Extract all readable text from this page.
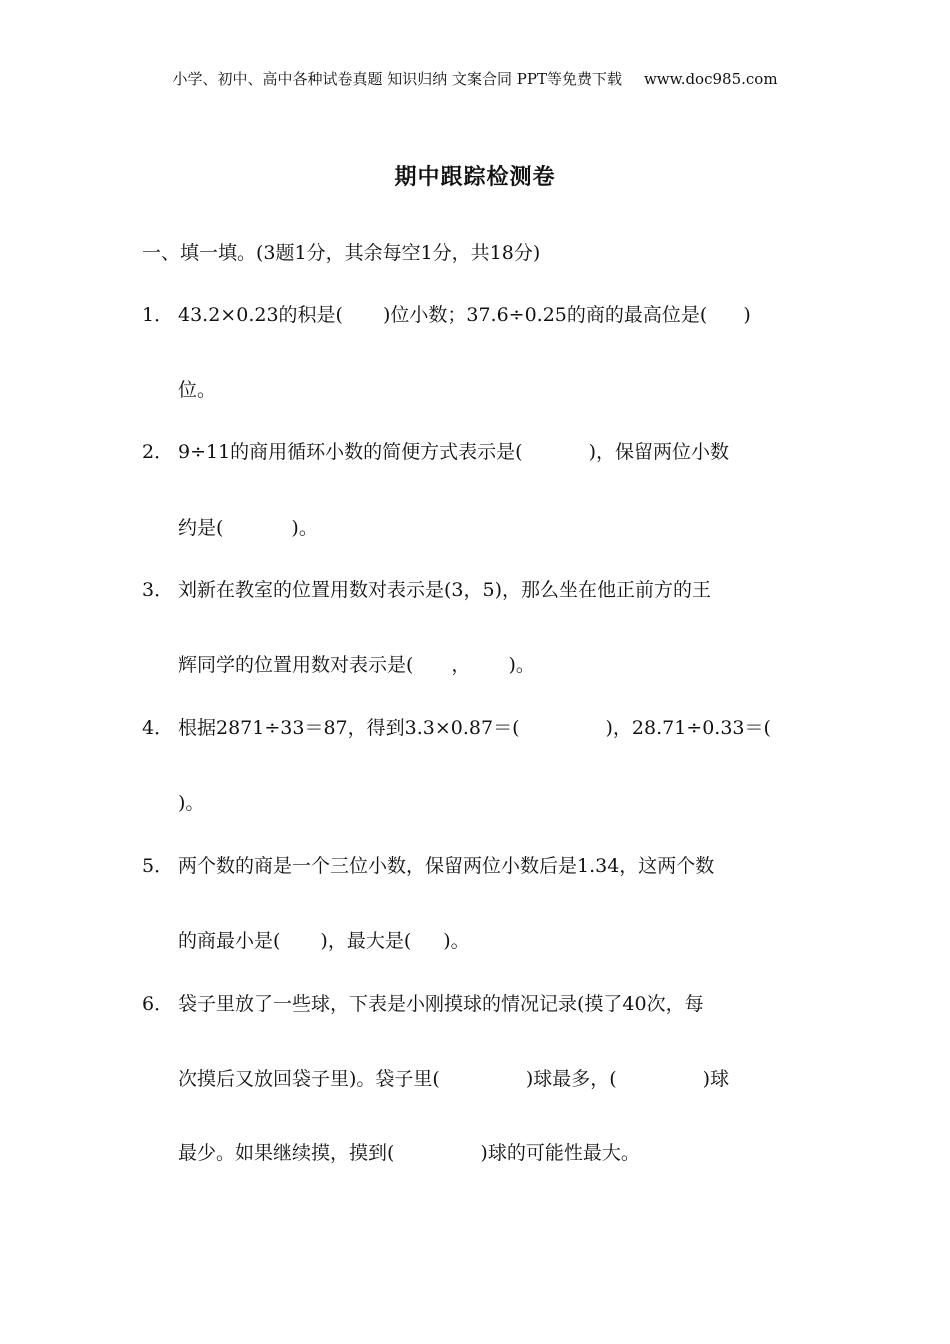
小学、初中、高中各种试卷真题 知识归纳 文案合同 PPT等免费下载 www.doc985.com
期中跟踪检测卷
一、填一填。(3题1分，其余每空1分，共18分)
1． 43.2×0.23的积是( )位小数；37.6÷0.25的商的最高位是( )
位。
2． 9÷11的商用循环小数的简便方式表示是(	)，保留两位小数
约是(	)。
3． 刘新在教室的位置用数对表示是(3，5)，那么坐在他正前方的王
辉同学的位置用数对表示是( ， )。
4． 根据2871÷33＝87，得到3.3×0.87＝(	)，28.71÷0.33＝(
)。
5． 两个数的商是一个三位小数，保留两位小数后是1.34，这两个数
的商最小是( )，最大是( )。
6． 袋子里放了一些球，下表是小刚摸球的情况记录(摸了40次，每
次摸后又放回袋子里)。袋子里(	)球最多，(	)球
最少。如果继续摸，摸到(	)球的可能性最大。
